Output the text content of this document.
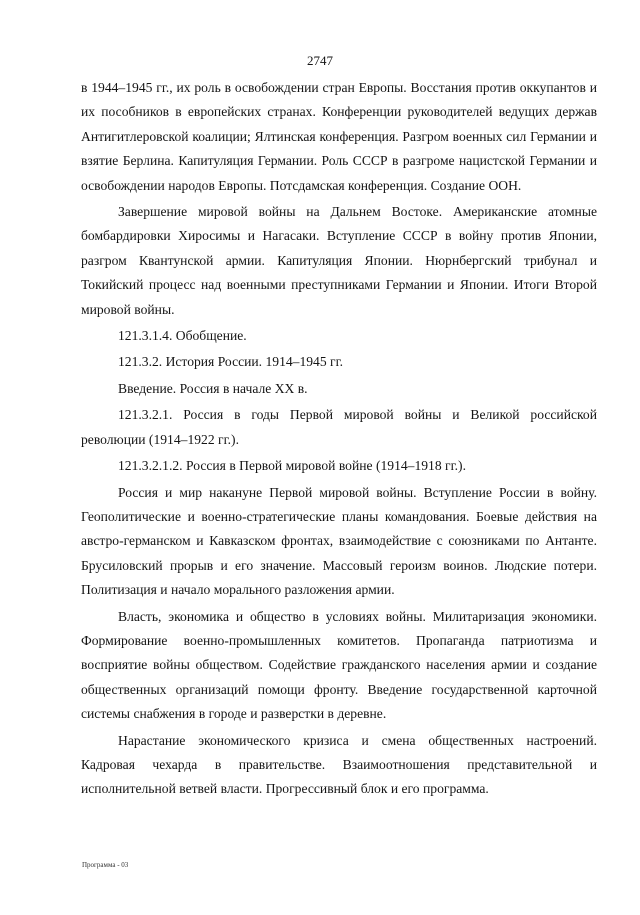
2747

в 1944–1945 гг., их роль в освобождении стран Европы. Восстания против оккупантов и их пособников в европейских странах. Конференции руководителей ведущих держав Антигитлеровской коалиции; Ялтинская конференция. Разгром военных сил Германии и взятие Берлина. Капитуляция Германии. Роль СССР в разгроме нацистской Германии и освобождении народов Европы. Потсдамская конференция. Создание ООН.

Завершение мировой войны на Дальнем Востоке. Американские атомные бомбардировки Хиросимы и Нагасаки. Вступление СССР в войну против Японии, разгром Квантунской армии. Капитуляция Японии. Нюрнбергский трибунал и Токийский процесс над военными преступниками Германии и Японии. Итоги Второй мировой войны.

121.3.1.4. Обобщение.

121.3.2. История России. 1914–1945 гг.

Введение. Россия в начале XX в.

121.3.2.1. Россия в годы Первой мировой войны и Великой российской революции (1914–1922 гг.).

121.3.2.1.2. Россия в Первой мировой войне (1914–1918 гг.).

Россия и мир накануне Первой мировой войны. Вступление России в войну. Геополитические и военно-стратегические планы командования. Боевые действия на австро-германском и Кавказском фронтах, взаимодействие с союзниками по Антанте. Брусиловский прорыв и его значение. Массовый героизм воинов. Людские потери. Политизация и начало морального разложения армии.

Власть, экономика и общество в условиях войны. Милитаризация экономики. Формирование военно-промышленных комитетов. Пропаганда патриотизма и восприятие войны обществом. Содействие гражданского населения армии и создание общественных организаций помощи фронту. Введение государственной карточной системы снабжения в городе и разверстки в деревне.

Нарастание экономического кризиса и смена общественных настроений. Кадровая чехарда в правительстве. Взаимоотношения представительной и исполнительной ветвей власти. Прогрессивный блок и его программа.

Программа - 03
